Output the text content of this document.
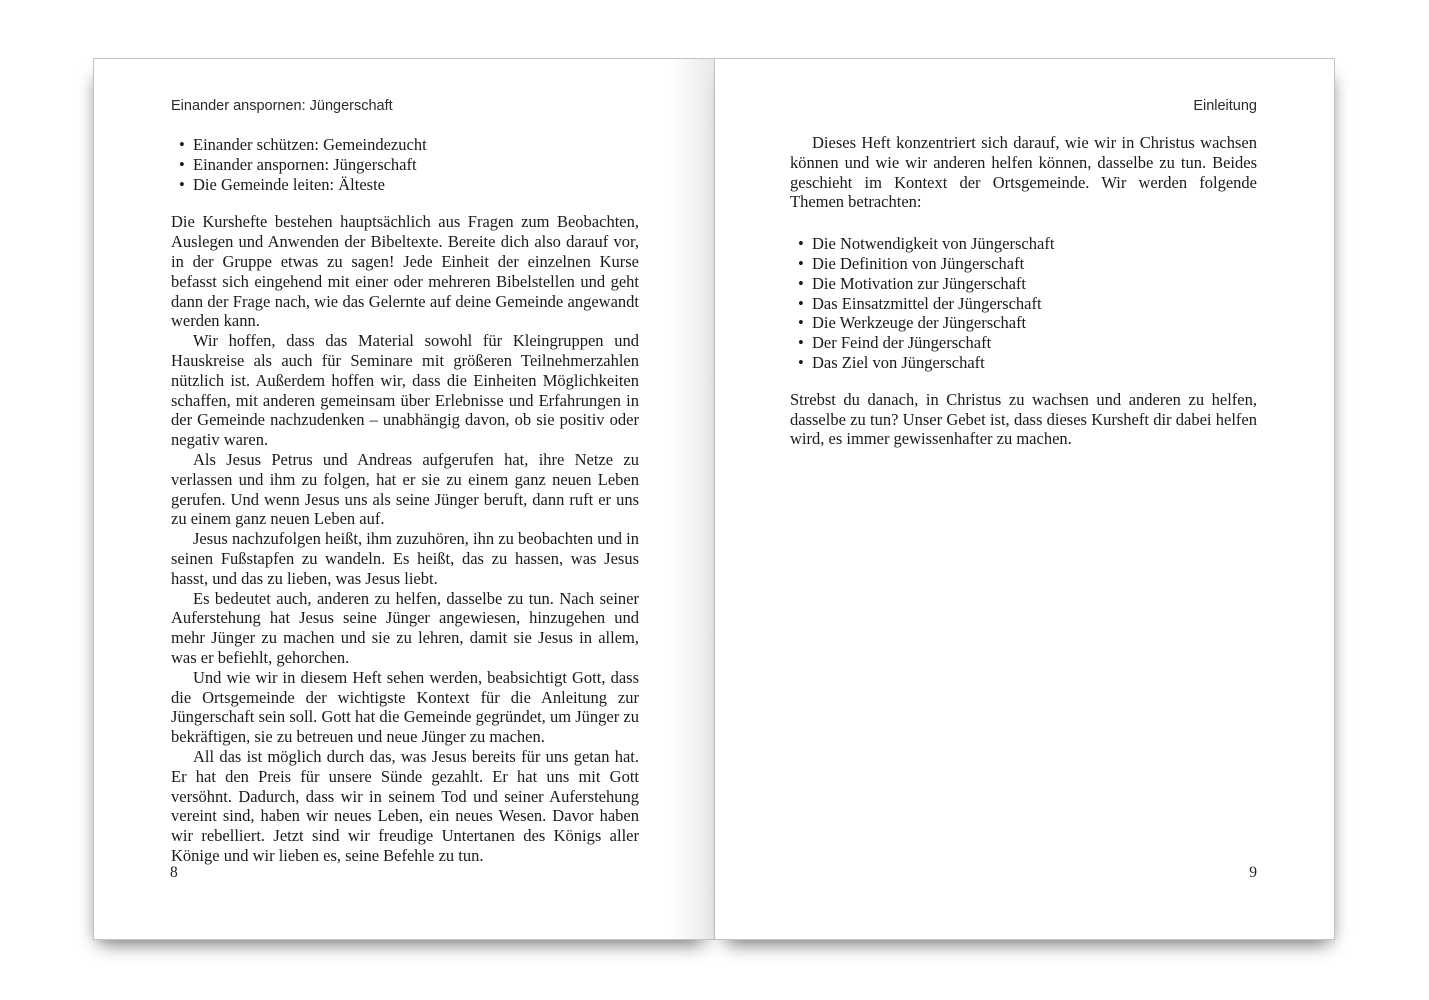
Einander anspornen: Jüngerschaft
• Einander schützen: Gemeindezucht
• Einander anspornen: Jüngerschaft
• Die Gemeinde leiten: Älteste

Die Kurshefte bestehen hauptsächlich aus Fragen zum Beobachten, Auslegen und Anwenden der Bibeltexte. Bereite dich also darauf vor, in der Gruppe etwas zu sagen! Jede Einheit der einzelnen Kurse befasst sich eingehend mit einer oder mehreren Bibelstellen und geht dann der Frage nach, wie das Gelernte auf deine Gemeinde angewandt werden kann.

Wir hoffen, dass das Material sowohl für Kleingruppen und Hauskreise als auch für Seminare mit größeren Teilnehmerzahlen nützlich ist. Außerdem hoffen wir, dass die Einheiten Möglichkeiten schaffen, mit anderen gemeinsam über Erlebnisse und Erfahrungen in der Gemeinde nachzudenken – unabhängig davon, ob sie positiv oder negativ waren.

Als Jesus Petrus und Andreas aufgerufen hat, ihre Netze zu verlassen und ihm zu folgen, hat er sie zu einem ganz neuen Leben gerufen. Und wenn Jesus uns als seine Jünger beruft, dann ruft er uns zu einem ganz neuen Leben auf.

Jesus nachzufolgen heißt, ihm zuzuhören, ihn zu beobachten und in seinen Fußstapfen zu wandeln. Es heißt, das zu hassen, was Jesus hasst, und das zu lieben, was Jesus liebt.

Es bedeutet auch, anderen zu helfen, dasselbe zu tun. Nach seiner Auferstehung hat Jesus seine Jünger angewiesen, hinzugehen und mehr Jünger zu machen und sie zu lehren, damit sie Jesus in allem, was er befiehlt, gehorchen.

Und wie wir in diesem Heft sehen werden, beabsichtigt Gott, dass die Ortsgemeinde der wichtigste Kontext für die Anleitung zur Jüngerschaft sein soll. Gott hat die Gemeinde gegründet, um Jünger zu bekräftigen, sie zu betreuen und neue Jünger zu machen.

All das ist möglich durch das, was Jesus bereits für uns getan hat. Er hat den Preis für unsere Sünde gezahlt. Er hat uns mit Gott versöhnt. Dadurch, dass wir in seinem Tod und seiner Auferstehung vereint sind, haben wir neues Leben, ein neues Wesen. Davor haben wir rebelliert. Jetzt sind wir freudige Untertanen des Königs aller Könige und wir lieben es, seine Befehle zu tun.

8
Einleitung

Dieses Heft konzentriert sich darauf, wie wir in Christus wachsen können und wie wir anderen helfen können, dasselbe zu tun. Beides geschieht im Kontext der Ortsgemeinde. Wir werden folgende Themen betrachten:

• Die Notwendigkeit von Jüngerschaft
• Die Definition von Jüngerschaft
• Die Motivation zur Jüngerschaft
• Das Einsatzmittel der Jüngerschaft
• Die Werkzeuge der Jüngerschaft
• Der Feind der Jüngerschaft
• Das Ziel von Jüngerschaft

Strebst du danach, in Christus zu wachsen und anderen zu helfen, dasselbe zu tun? Unser Gebet ist, dass dieses Kursheft dir dabei helfen wird, es immer gewissenhafter zu machen.

9
